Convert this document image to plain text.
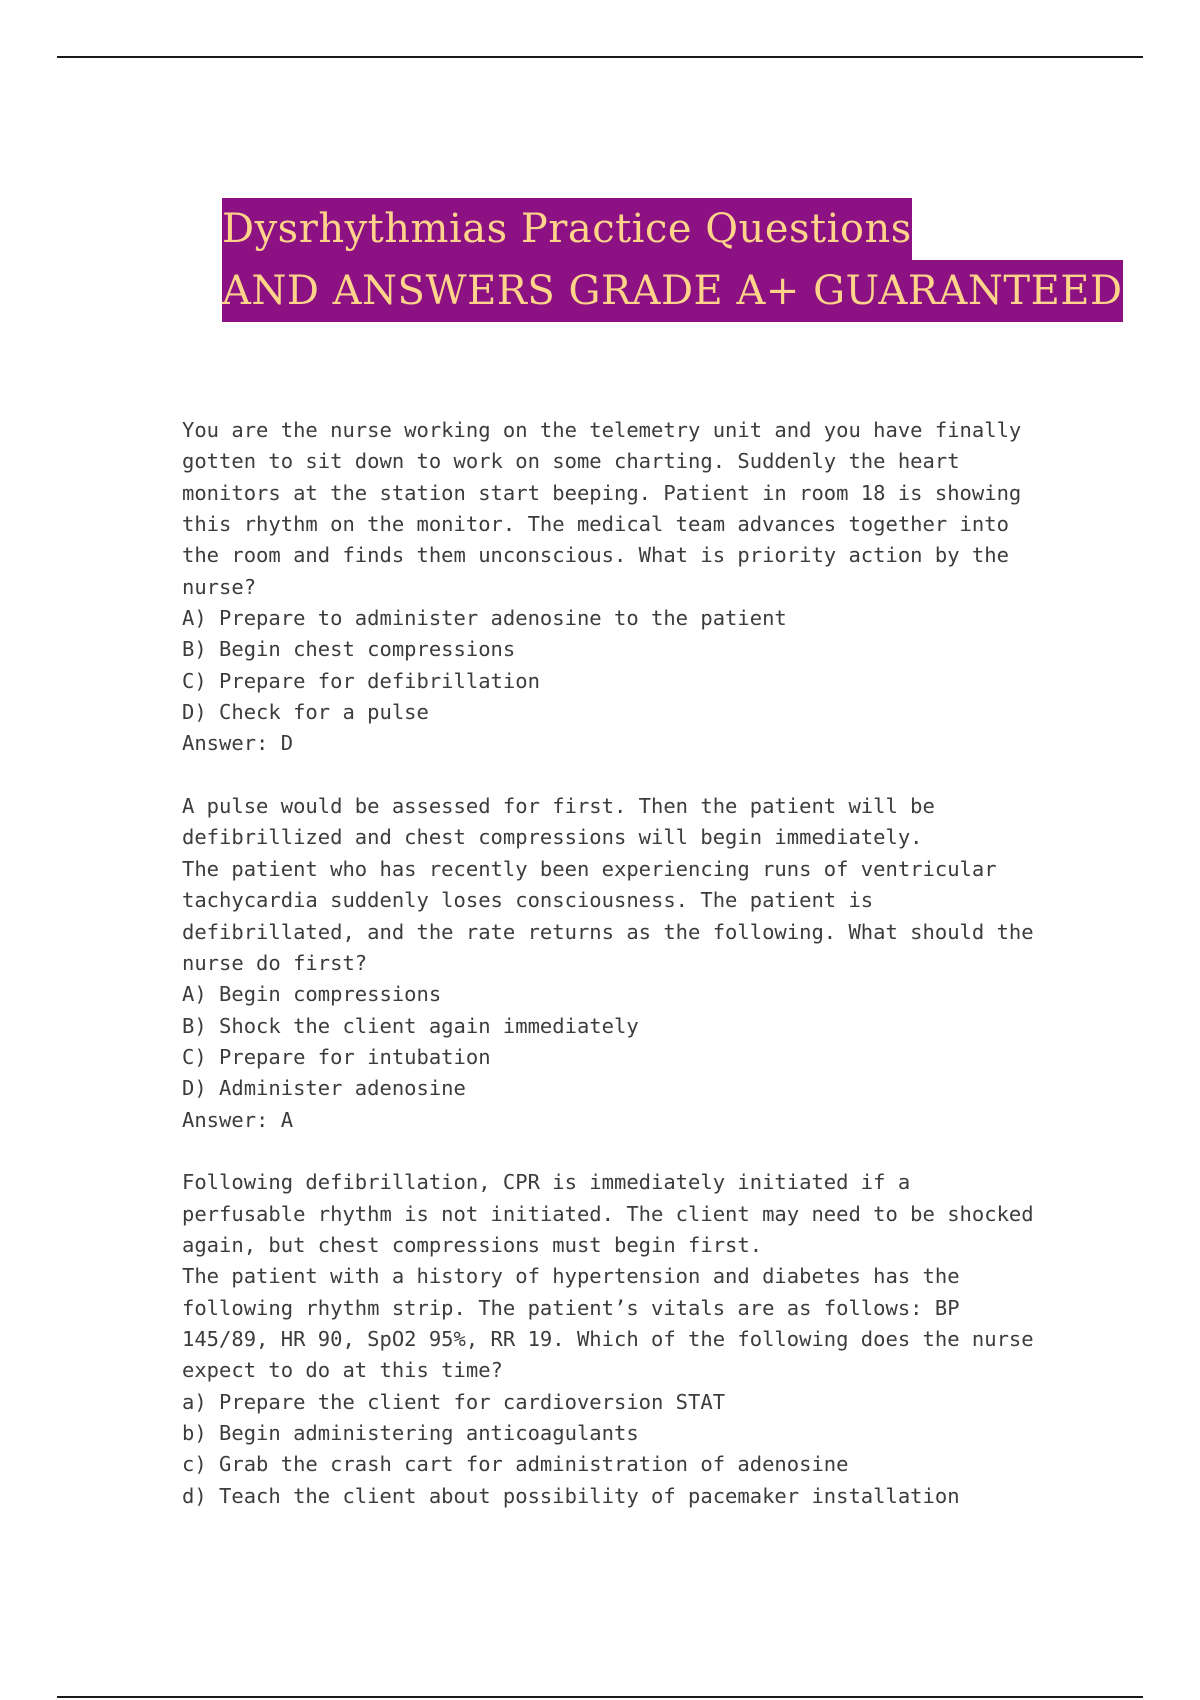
Dysrhythmias Practice Questions
AND ANSWERS GRADE A+ GUARANTEED
You are the nurse working on the telemetry unit and you have finally
gotten to sit down to work on some charting. Suddenly the heart
monitors at the station start beeping. Patient in room 18 is showing
this rhythm on the monitor. The medical team advances together into
the room and finds them unconscious. What is priority action by the
nurse?
A) Prepare to administer adenosine to the patient
B) Begin chest compressions
C) Prepare for defibrillation
D) Check for a pulse
Answer: D
A pulse would be assessed for first. Then the patient will be
defibrillized and chest compressions will begin immediately.
The patient who has recently been experiencing runs of ventricular
tachycardia suddenly loses consciousness. The patient is
defibrillated, and the rate returns as the following. What should the
nurse do first?
A) Begin compressions
B) Shock the client again immediately
C) Prepare for intubation
D) Administer adenosine
Answer: A
Following defibrillation, CPR is immediately initiated if a
perfusable rhythm is not initiated. The client may need to be shocked
again, but chest compressions must begin first.
The patient with a history of hypertension and diabetes has the
following rhythm strip. The patient’s vitals are as follows: BP
145/89, HR 90, SpO2 95%, RR 19. Which of the following does the nurse
expect to do at this time?
a) Prepare the client for cardioversion STAT
b) Begin administering anticoagulants
c) Grab the crash cart for administration of adenosine
d) Teach the client about possibility of pacemaker installation
